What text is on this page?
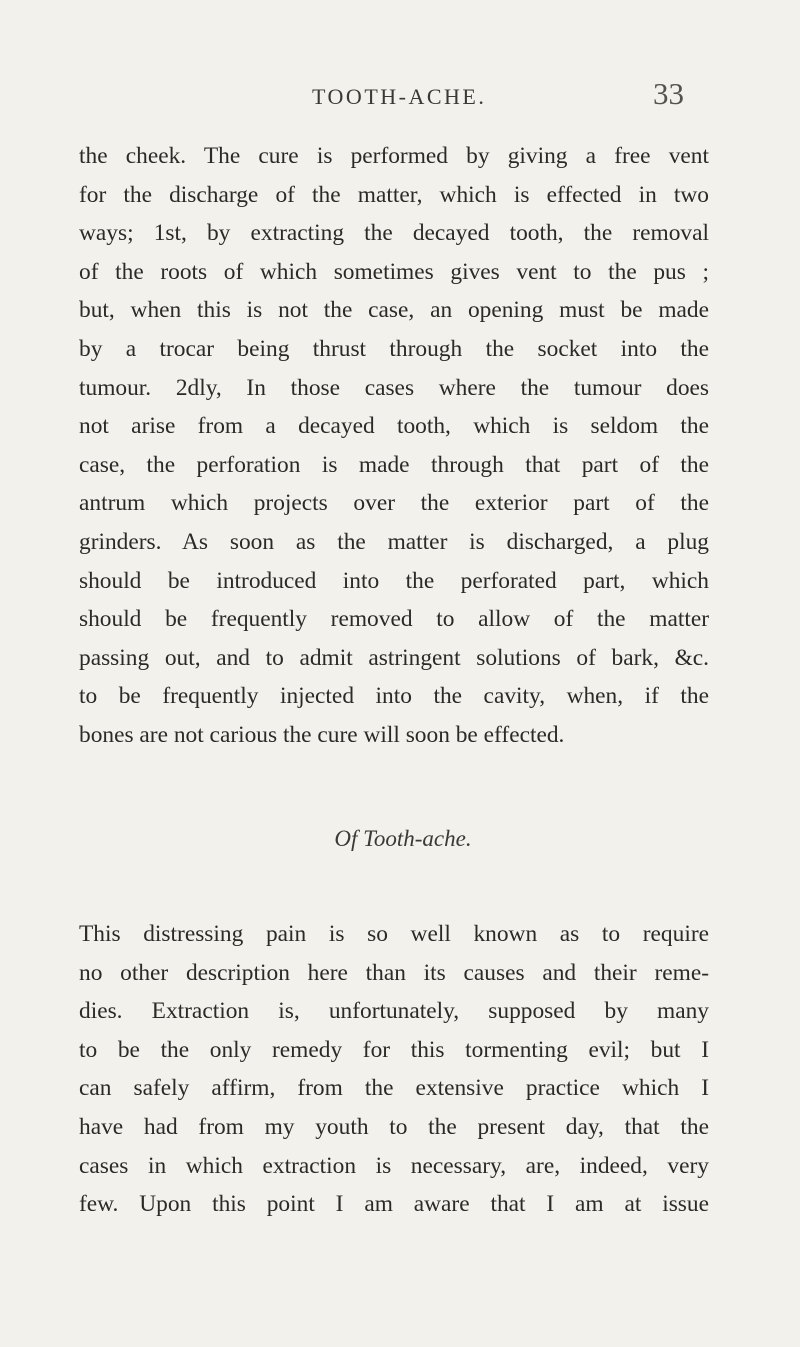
TOOTH-ACHE.	33
the cheek. The cure is performed by giving a free vent
for the discharge of the matter, which is effected in two
ways; 1st, by extracting the decayed tooth, the removal
of the roots of which sometimes gives vent to the pus ;
but, when this is not the case, an opening must be made
by a trocar being thrust through the socket into the
tumour. 2dly, In those cases where the tumour does
not arise from a decayed tooth, which is seldom the
case, the perforation is made through that part of the
antrum which projects over the exterior part of the
grinders. As soon as the matter is discharged, a plug
should be introduced into the perforated part, which
should be frequently removed to allow of the matter
passing out, and to admit astringent solutions of bark, &c.
to be frequently injected into the cavity, when, if the
bones are not carious the cure will soon be effected.
Of Tooth-ache.
This distressing pain is so well known as to require
no other description here than its causes and their reme-
dies. Extraction is, unfortunately, supposed by many
to be the only remedy for this tormenting evil; but I
can safely affirm, from the extensive practice which I
have had from my youth to the present day, that the
cases in which extraction is necessary, are, indeed, very
few. Upon this point I am aware that I am at issue
